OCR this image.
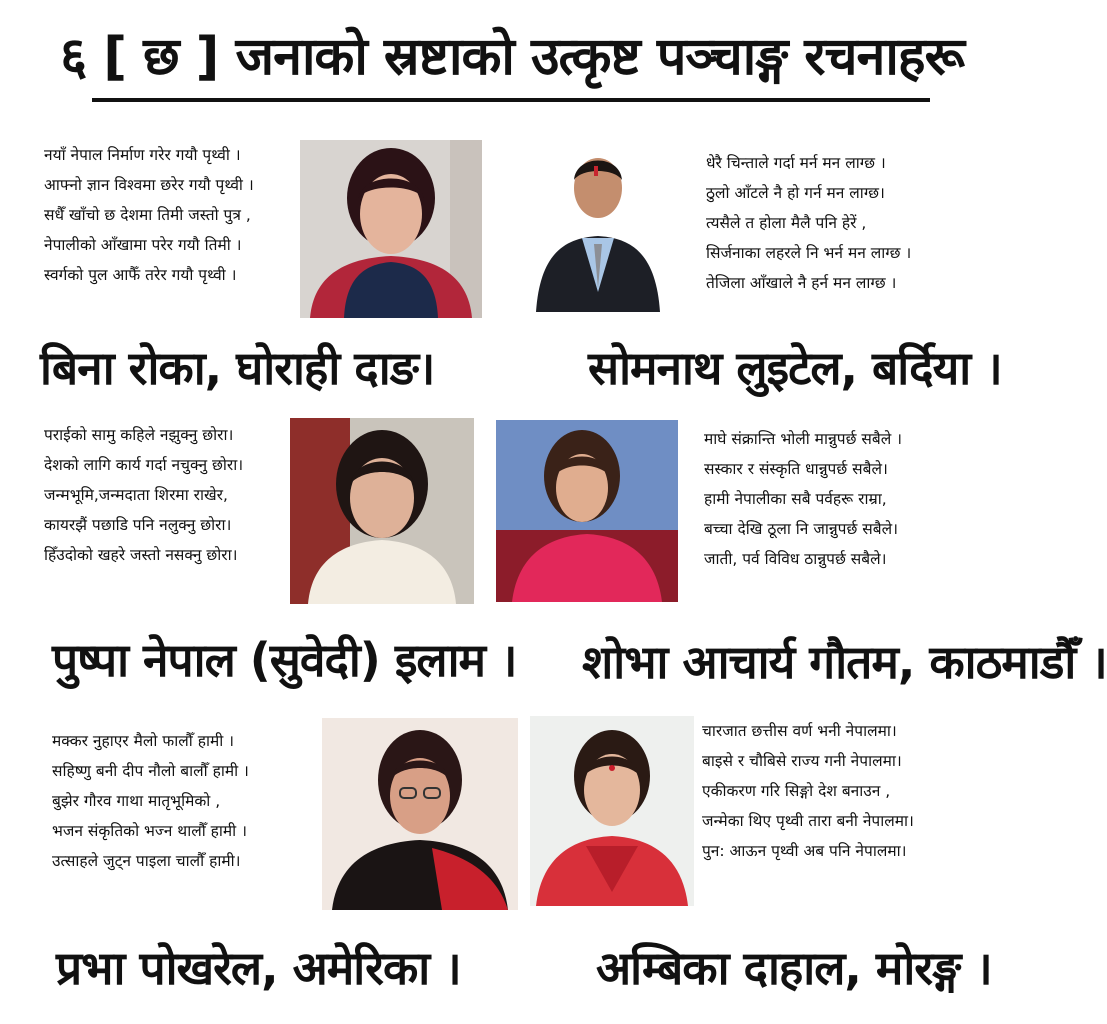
६ [ छ ] जनाको स्रष्टाको उत्कृष्ट पञ्चाङ्ग रचनाहरू
नयाँ नेपाल निर्माण गरेर गयौ पृथ्वी ।
आफ्नो ज्ञान विश्वमा छरेर गयौ पृथ्वी ।
सधैँ खाँचो छ देशमा तिमी जस्तो पुत्र ,
नेपालीको आँखामा परेर गयौ तिमी ।
स्वर्गको पुल आफैँ तरेर गयौ पृथ्वी ।
बिना रोका, घोराही दाङ।
धेरै चिन्ताले गर्दा मर्न मन लाग्छ ।
ठुलो आँटले नै हो गर्न मन लाग्छ।
त्यसैले त होला मैलै पनि हेरें ,
सिर्जनाका लहरले नि भर्न मन लाग्छ ।
तेजिला आँखाले नै हर्न मन लाग्छ ।
सोमनाथ लुइटेल, बर्दिया ।
पराईको सामु कहिले नझुक्नु छोरा।
देशको लागि कार्य गर्दा नचुक्नु छोरा।
जन्मभूमि,जन्मदाता शिरमा राखेर,
कायरझैं पछाडि पनि नलुक्नु छोरा।
हिँउदोको खहरे जस्तो नसक्नु छोरा।
माघे संक्रान्ति भोली मान्नुपर्छ सबैले ।
सस्कार र संस्कृति धान्नुपर्छ सबैले।
हामी नेपालीका सबै पर्वहरू राम्रा,
बच्चा देखि ठूला नि जान्नुपर्छ सबैले।
जाती, पर्व विविध ठान्नुपर्छ सबैले।
पुष्पा नेपाल (सुवेदी) इलाम । शोभा आचार्य गौतम, काठमाडौँ ।
मक्कर नुहाएर मैलो फालौँ हामी ।
सहिष्णु बनी दीप नौलो बालौँ हामी ।
बुझेर गौरव गाथा मातृभूमिको ,
भजन संकृतिको भज्न थालौँ हामी ।
उत्साहले जुट्न पाइला चालौँ हामी।
चारजात छत्तीस वर्ण भनी नेपालमा।
बाइसे र चौबिसे राज्य गनी नेपालमा।
एकीकरण गरि सिङ्गो देश बनाउन ,
जन्मेका थिए पृथ्वी तारा बनी नेपालमा।
पुन: आऊन पृथ्वी अब पनि नेपालमा।
प्रभा पोखरेल, अमेरिका ।	अम्बिका दाहाल, मोरङ्ग ।
